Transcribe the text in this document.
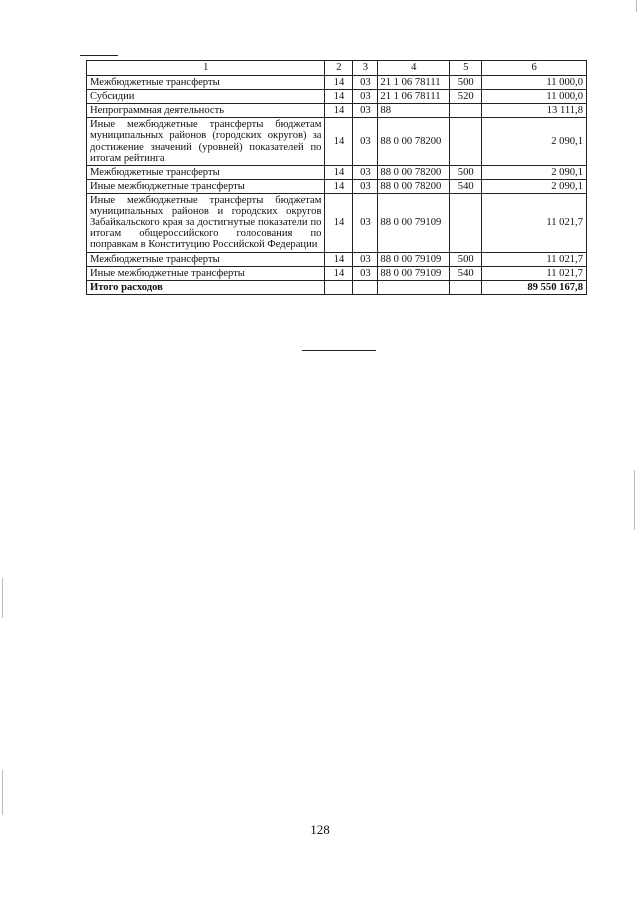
1	2	3	4	5	6
Межбюджетные трансферты	14	03	21 1 06 78111	500	11 000,0
Субсидии	14	03	21 1 06 78111	520	11 000,0
Непрограммная деятельность	14	03	88		13 111,8
Иные межбюджетные трансферты бюджетам муниципальных районов (городских округов) за достижение значений (уровней) показателей по итогам рейтинга	14	03	88 0 00 78200		2 090,1
Межбюджетные трансферты	14	03	88 0 00 78200	500	2 090,1
Иные межбюджетные трансферты	14	03	88 0 00 78200	540	2 090,1
Иные межбюджетные трансферты бюджетам муниципальных районов и городских округов Забайкальского края за достигнутые показатели по итогам общероссийского голосования по поправкам в Конституцию Российской Федерации	14	03	88 0 00 79109		11 021,7
Межбюджетные трансферты	14	03	88 0 00 79109	500	11 021,7
Иные межбюджетные трансферты	14	03	88 0 00 79109	540	11 021,7
Итого расходов					89 550 167,8
128
